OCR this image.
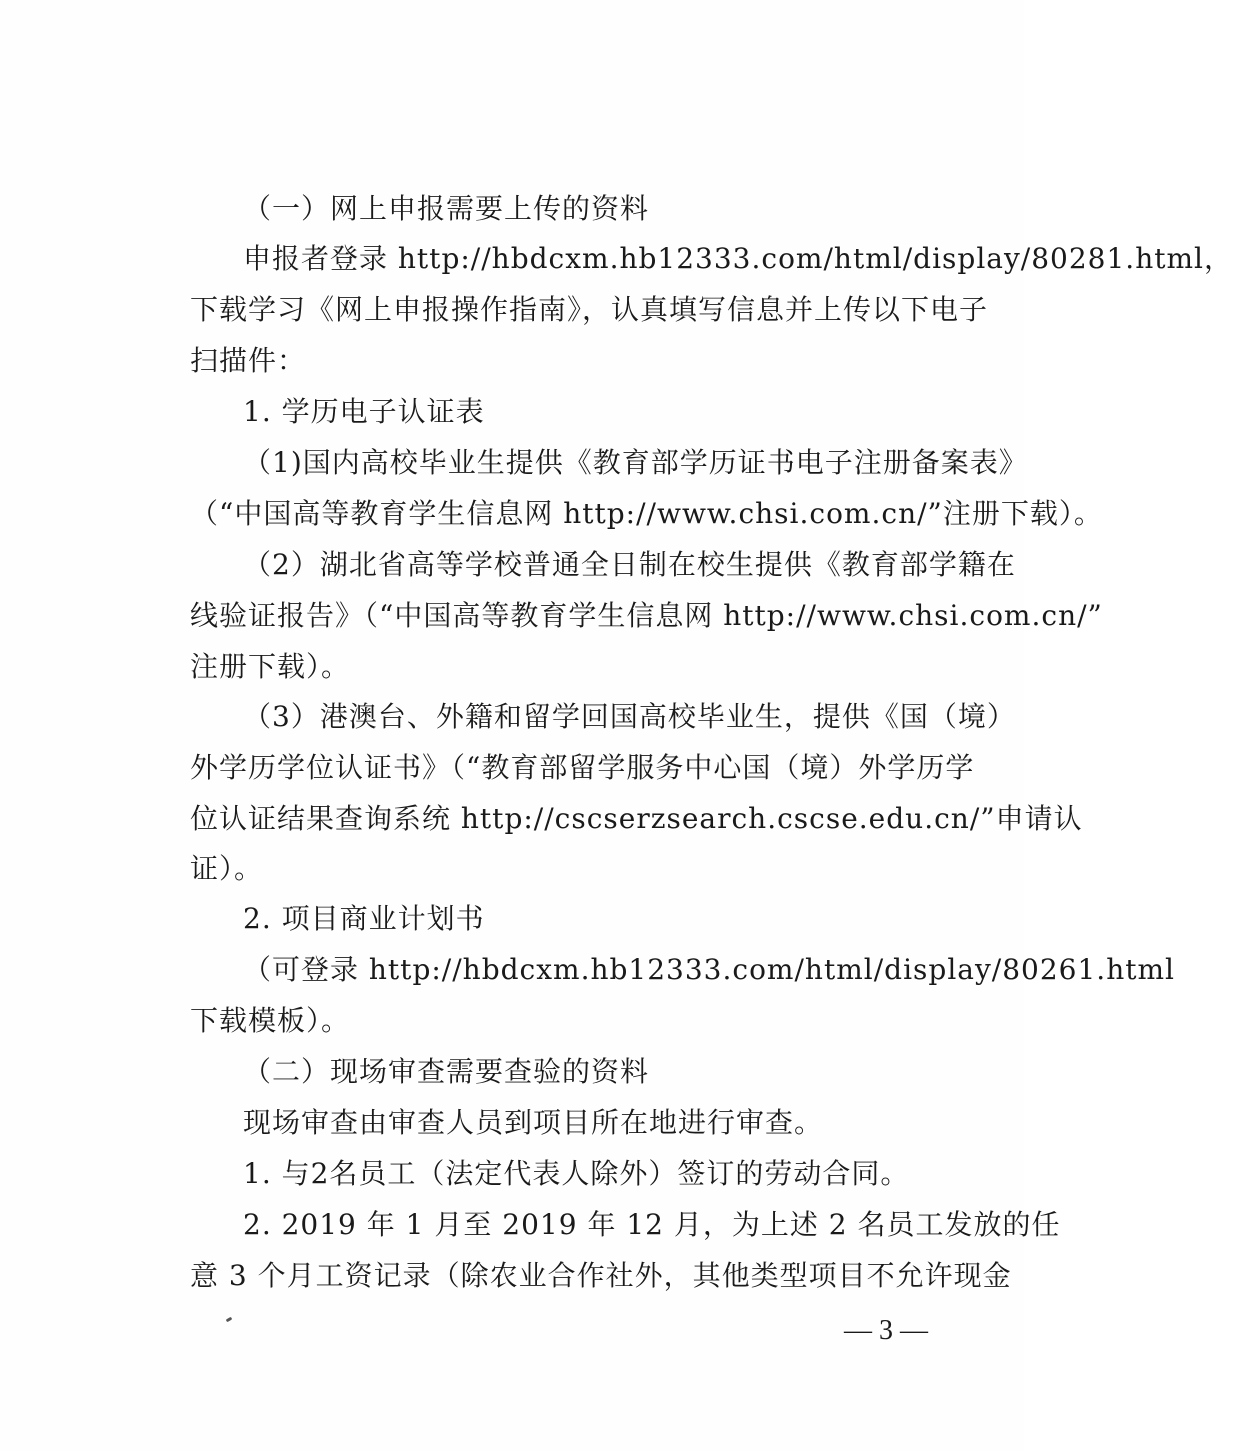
（一）网上申报需要上传的资料
申报者登录 http://hbdcxm.hb12333.com/html/display/80281.html，
下载学习《网上申报操作指南》，认真填写信息并上传以下电子
扫描件：
1. 学历电子认证表
（1)国内高校毕业生提供《教育部学历证书电子注册备案表》
（“中国高等教育学生信息网 http://www.chsi.com.cn/”注册下载）。
（2）湖北省高等学校普通全日制在校生提供《教育部学籍在
线验证报告》（“中国高等教育学生信息网 http://www.chsi.com.cn/”
注册下载）。
（3）港澳台、外籍和留学回国高校毕业生，提供《国（境）
外学历学位认证书》（“教育部留学服务中心国（境）外学历学
位认证结果查询系统 http://cscserzsearch.cscse.edu.cn/”申请认
证）。
2. 项目商业计划书
（可登录 http://hbdcxm.hb12333.com/html/display/80261.html
下载模板）。
（二）现场审查需要查验的资料
现场审查由审查人员到项目所在地进行审查。
1. 与2名员工（法定代表人除外）签订的劳动合同。
2. 2019 年 1 月至 2019 年 12 月，为上述 2 名员工发放的任
意 3 个月工资记录（除农业合作社外，其他类型项目不允许现金
— 3 —
